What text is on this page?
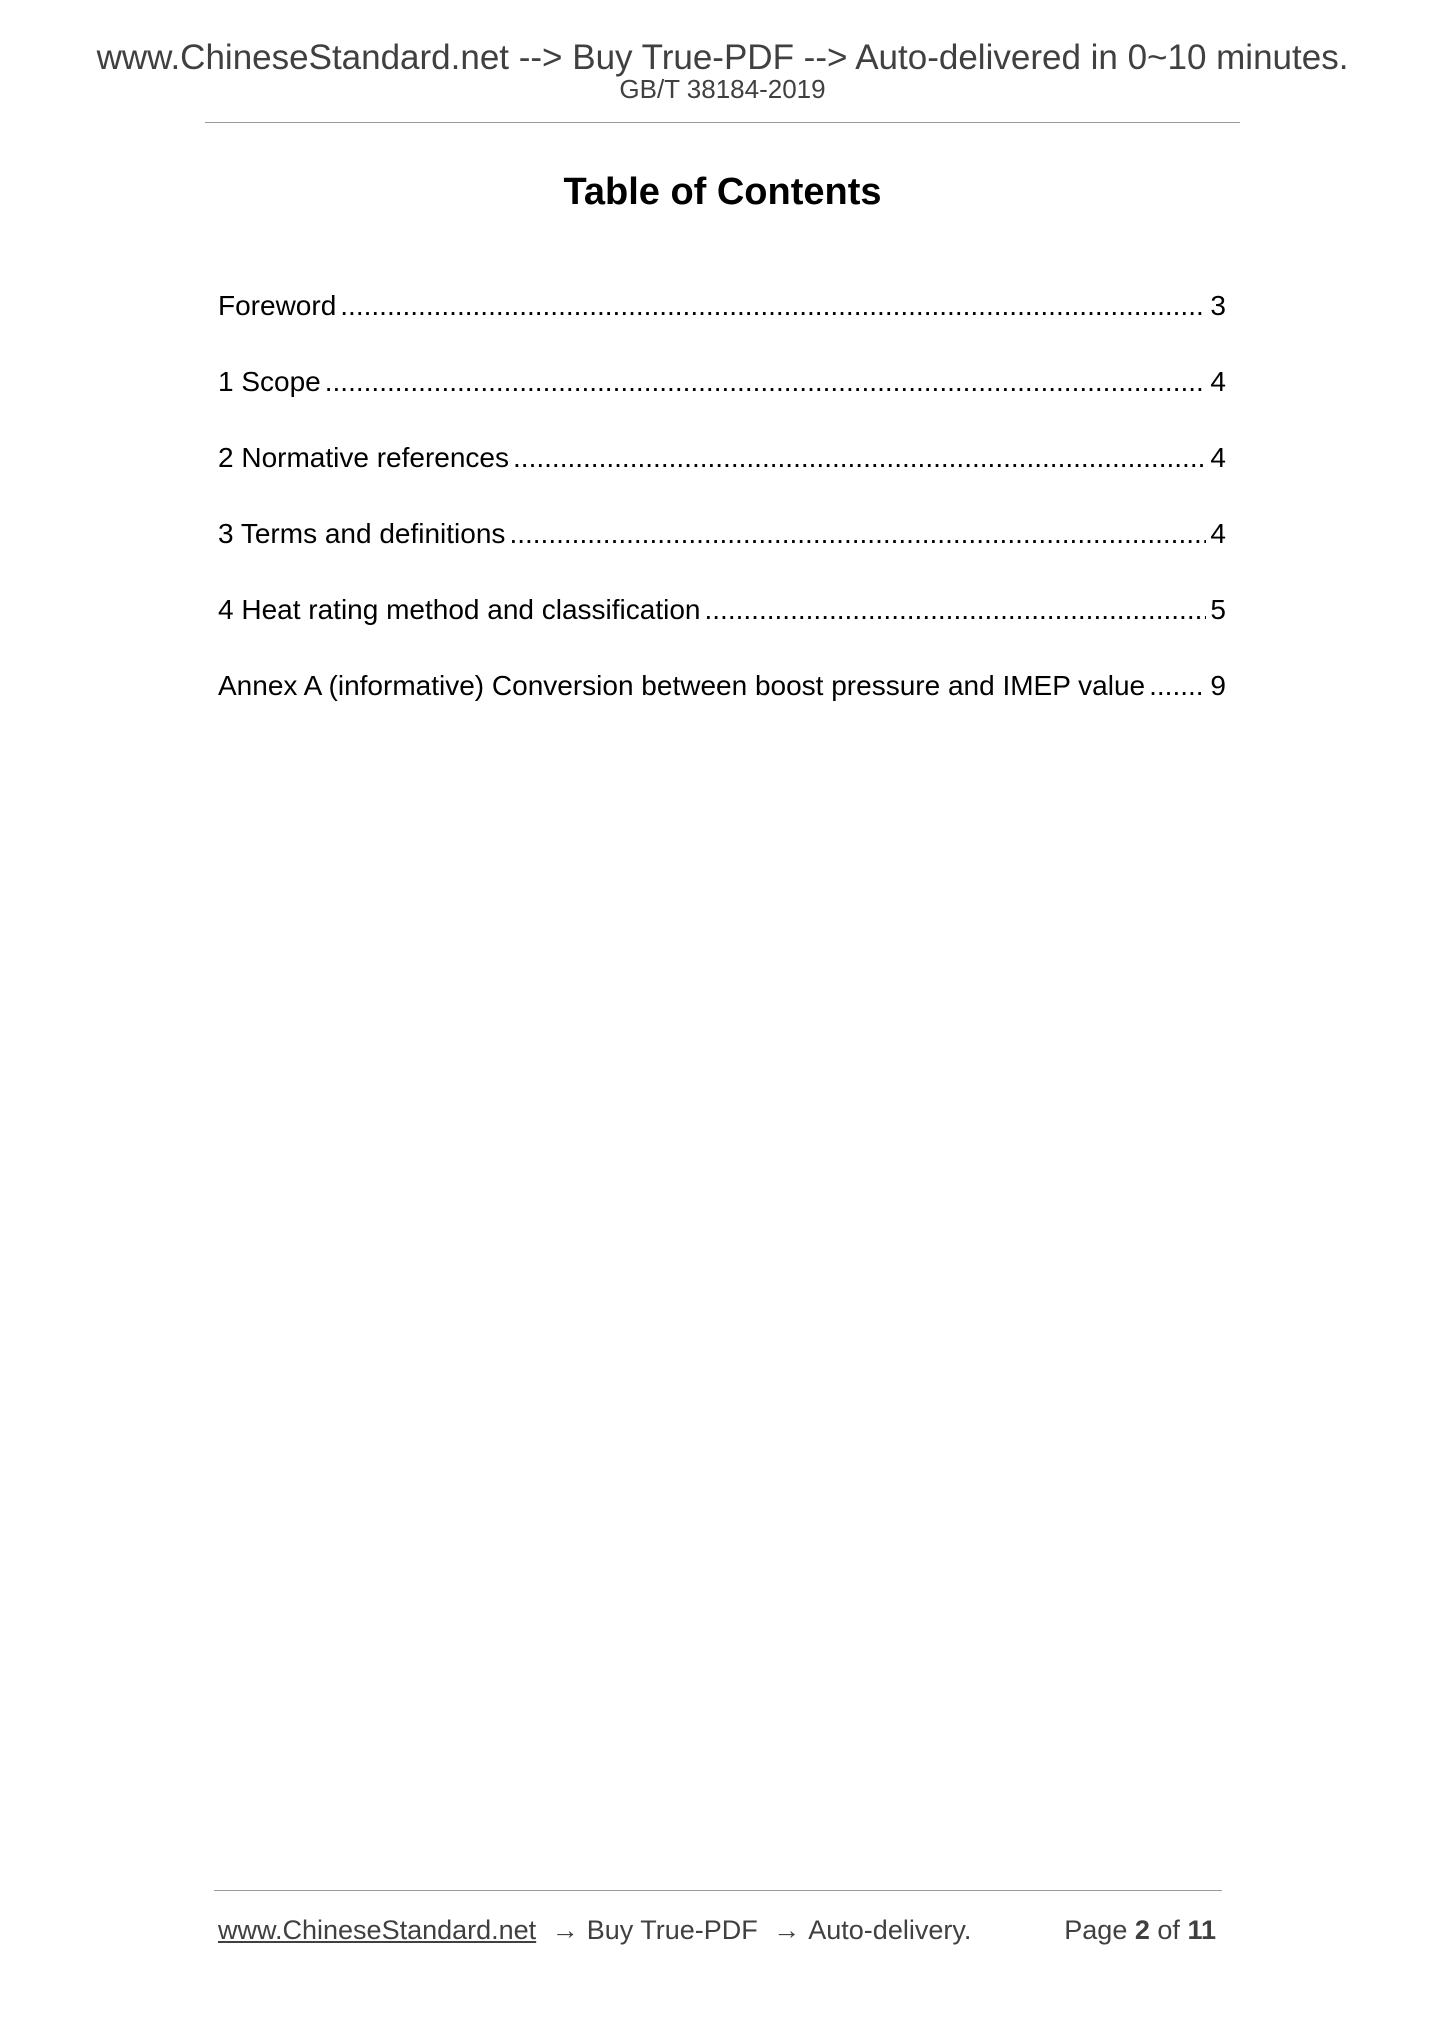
www.ChineseStandard.net --> Buy True-PDF --> Auto-delivered in 0~10 minutes.
GB/T 38184-2019
Table of Contents
Foreword .....	3
1 Scope .....	4
2 Normative references .....	4
3 Terms and definitions .....	4
4 Heat rating method and classification .....	5
Annex A (informative) Conversion between boost pressure and IMEP value ..... 9
www.ChineseStandard.net → Buy True-PDF → Auto-delivery.	Page 2 of 11
